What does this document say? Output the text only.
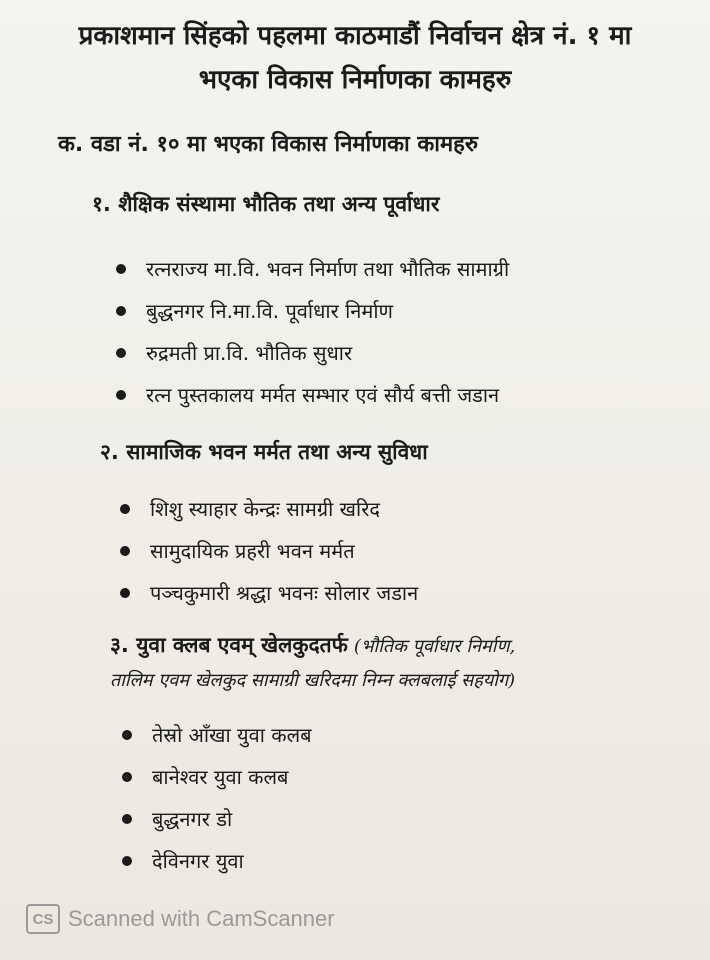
प्रकाशमान सिंहको पहलमा काठमाडौं निर्वाचन क्षेत्र नं. १ मा
भएका विकास निर्माणका कामहरु
क. वडा नं. १० मा भएका विकास निर्माणका कामहरु
१. शैक्षिक संस्थामा भौतिक तथा अन्य पूर्वाधार
रत्नराज्य मा.वि. भवन निर्माण तथा भौतिक सामाग्री
बुद्धनगर नि.मा.वि. पूर्वाधार निर्माण
रुद्रमती प्रा.वि. भौतिक सुधार
रत्न पुस्तकालय मर्मत सम्भार एवं सौर्य बत्ती जडान
२. सामाजिक भवन मर्मत तथा अन्य सुविधा
शिशु स्याहार केन्द्रः सामग्री खरिद
सामुदायिक प्रहरी भवन मर्मत
पञ्चकुमारी श्रद्धा भवनः सोलार जडान
३. युवा क्लब एवम् खेलकुदतर्फ (भौतिक पूर्वाधार निर्माण,
तालिम एवम खेलकुद सामाग्री खरिदमा निम्न क्लबलाई सहयोग)
तेस्रो आँखा युवा कलब
बानेश्वर युवा कलब
बुद्धनगर डो
देविनगर युवा
CS Scanned with CamScanner
